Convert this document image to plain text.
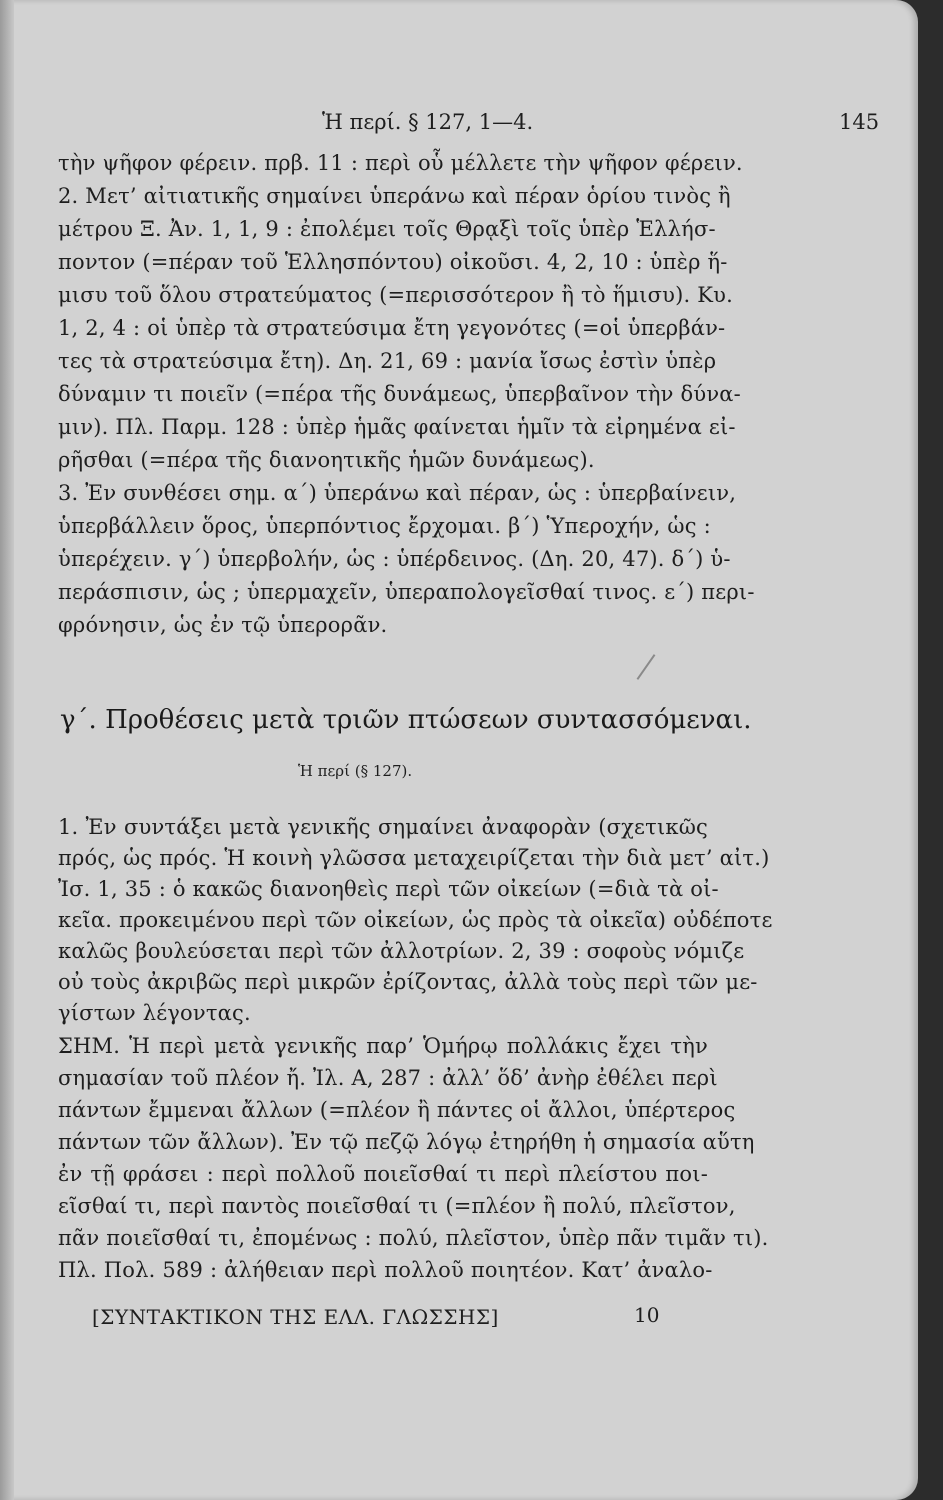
Ἡ περί. § 127, 1—4.	145
τὴν ψῆφον φέρειν. πρβ. 11 : περὶ οὗ μέλλετε τὴν ψῆφον φέρειν.
2. Μετ’ αἰτιατικῆς σημαίνει ὑπεράνω καὶ πέραν ὁρίου τινὸς ἢ
μέτρου Ξ. Ἀν. 1, 1, 9 : ἐπολέμει τοῖς Θρᾳξὶ τοῖς ὑπὲρ Ἑλλήσ-
ποντον (=πέραν τοῦ Ἑλλησπόντου) οἰκοῦσι. 4, 2, 10 : ὑπὲρ ἥ-
μισυ τοῦ ὅλου στρατεύματος (=περισσότερον ἢ τὸ ἥμισυ). Κυ.
1, 2, 4 : οἱ ὑπὲρ τὰ στρατεύσιμα ἔτη γεγονότες (=οἱ ὑπερβάν-
τες τὰ στρατεύσιμα ἔτη). Δη. 21, 69 : μανία ἴσως ἐστὶν ὑπὲρ
δύναμιν τι ποιεῖν (=πέρα τῆς δυνάμεως, ὑπερβαῖνον τὴν δύνα-
μιν). Πλ. Παρμ. 128 : ὑπὲρ ἡμᾶς φαίνεται ἡμῖν τὰ εἰρημένα εἰ-
ρῆσθαι (=πέρα τῆς διανοητικῆς ἡμῶν δυνάμεως).
3. Ἐν συνθέσει σημ. α´) ὑπεράνω καὶ πέραν, ὡς : ὑπερβαίνειν,
ὑπερβάλλειν ὅρος, ὑπερπόντιος ἔρχομαι. β´) Ὑπεροχήν, ὡς :
ὑπερέχειν. γ´) ὑπερβολήν, ὡς : ὑπέρδεινος. (Δη. 20, 47). δ´) ὑ-
περάσπισιν, ὡς ; ὑπερμαχεῖν, ὑπεραπολογεῖσθαί τινος. ε´) περι-
φρόνησιν, ὡς ἐν τῷ ὑπερορᾶν.
γ´. Προθέσεις μετὰ τριῶν πτώσεων συντασσόμεναι.
Ἡ περί (§ 127).
1. Ἐν συντάξει μετὰ γενικῆς σημαίνει ἀναφορὰν (σχετικῶς
πρός, ὡς πρός. Ἡ κοινὴ γλῶσσα μεταχειρίζεται τὴν διὰ μετ’ αἰτ.)
Ἰσ. 1, 35 : ὁ κακῶς διανοηθεὶς περὶ τῶν οἰκείων (=διὰ τὰ οἰ-
κεῖα. προκειμένου περὶ τῶν οἰκείων, ὡς πρὸς τὰ οἰκεῖα) οὐδέποτε
καλῶς βουλεύσεται περὶ τῶν ἀλλοτρίων. 2, 39 : σοφοὺς νόμιζε
οὐ τοὺς ἀκριβῶς περὶ μικρῶν ἐρίζοντας, ἀλλὰ τοὺς περὶ τῶν με-
γίστων λέγοντας.
ΣΗΜ. Ἡ περὶ μετὰ γενικῆς παρ’ Ὁμήρῳ πολλάκις ἔχει τὴν
σημασίαν τοῦ πλέον ἤ. Ἰλ. Α, 287 : ἀλλ’ ὅδ’ ἀνὴρ ἐθέλει περὶ
πάντων ἔμμεναι ἄλλων (=πλέον ἢ πάντες οἱ ἄλλοι, ὑπέρτερος
πάντων τῶν ἄλλων). Ἐν τῷ πεζῷ λόγῳ ἐτηρήθη ἡ σημασία αὕτη
ἐν τῇ φράσει : περὶ πολλοῦ ποιεῖσθαί τι περὶ πλείστου ποι-
εῖσθαί τι, περὶ παντὸς ποιεῖσθαί τι (=πλέον ἢ πολύ, πλεῖστον,
πᾶν ποιεῖσθαί τι, ἐπομένως : πολύ, πλεῖστον, ὑπὲρ πᾶν τιμᾶν τι).
Πλ. Πολ. 589 : ἀλήθειαν περὶ πολλοῦ ποιητέον. Κατ’ ἀναλο-
[ΣΥΝΤΑΚΤΙΚΟΝ ΤΗΣ ΕΛΛ. ΓΛΩΣΣΗΣ]	10
